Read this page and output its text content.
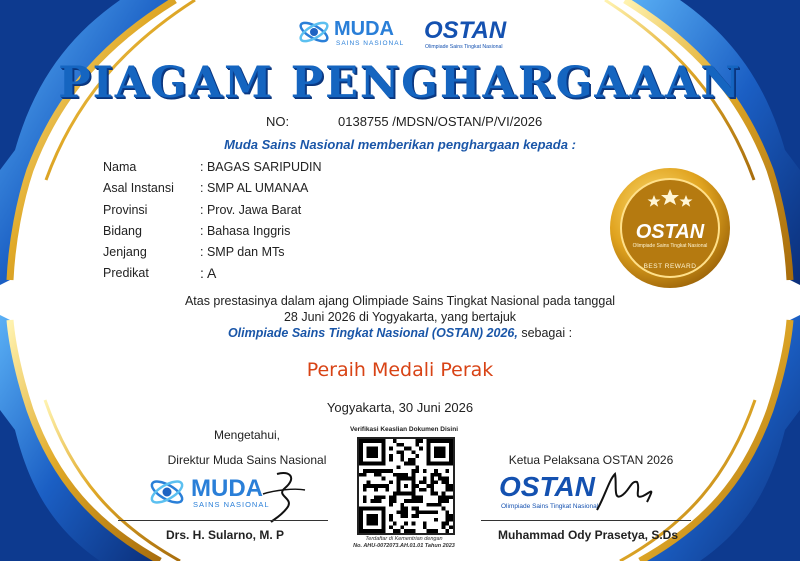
MUDA
SAINS NASIONAL OSTAN
Olimpiade Sains Tingkat Nasional
PIAGAM PENGHARGAAAN
NO:	0138755 /MDSN/OSTAN/P/VI/2026
Muda Sains Nasional memberikan penghargaan kepada :
Nama	: BAGAS SARIPUDIN
Asal Instansi : SMP AL UMANAA
Provinsi	: Prov. Jawa Barat
Bidang	: Bahasa Inggris
Jenjang	: SMP dan MTs
Predikat	: A
OSTAN
Olimpiade Sains Tingkat Nasional
BEST REWARD
Atas prestasinya dalam ajang Olimpiade Sains Tingkat Nasional pada tanggal
28 Juni 2026 di Yogyakarta, yang bertajuk
Olimpiade Sains Tingkat Nasional (OSTAN) 2026, sebagai :
Peraih Medali Perak
Yogyakarta, 30 Juni 2026
Mengetahui,
Direktur Muda Sains Nasional
MUDA
SAINS NASIONAL
Drs. H. Sularno, M. P
Verifikasi Keaslian Dokumen Disini
Terdaftar di Kementrian dengan
No. AHU-0072073.AH.01.01 Tahun 2023
Ketua Pelaksana OSTAN 2026
OSTAN
Olimpiade Sains Tingkat Nasional
Muhammad Ody Prasetya, S.Ds
